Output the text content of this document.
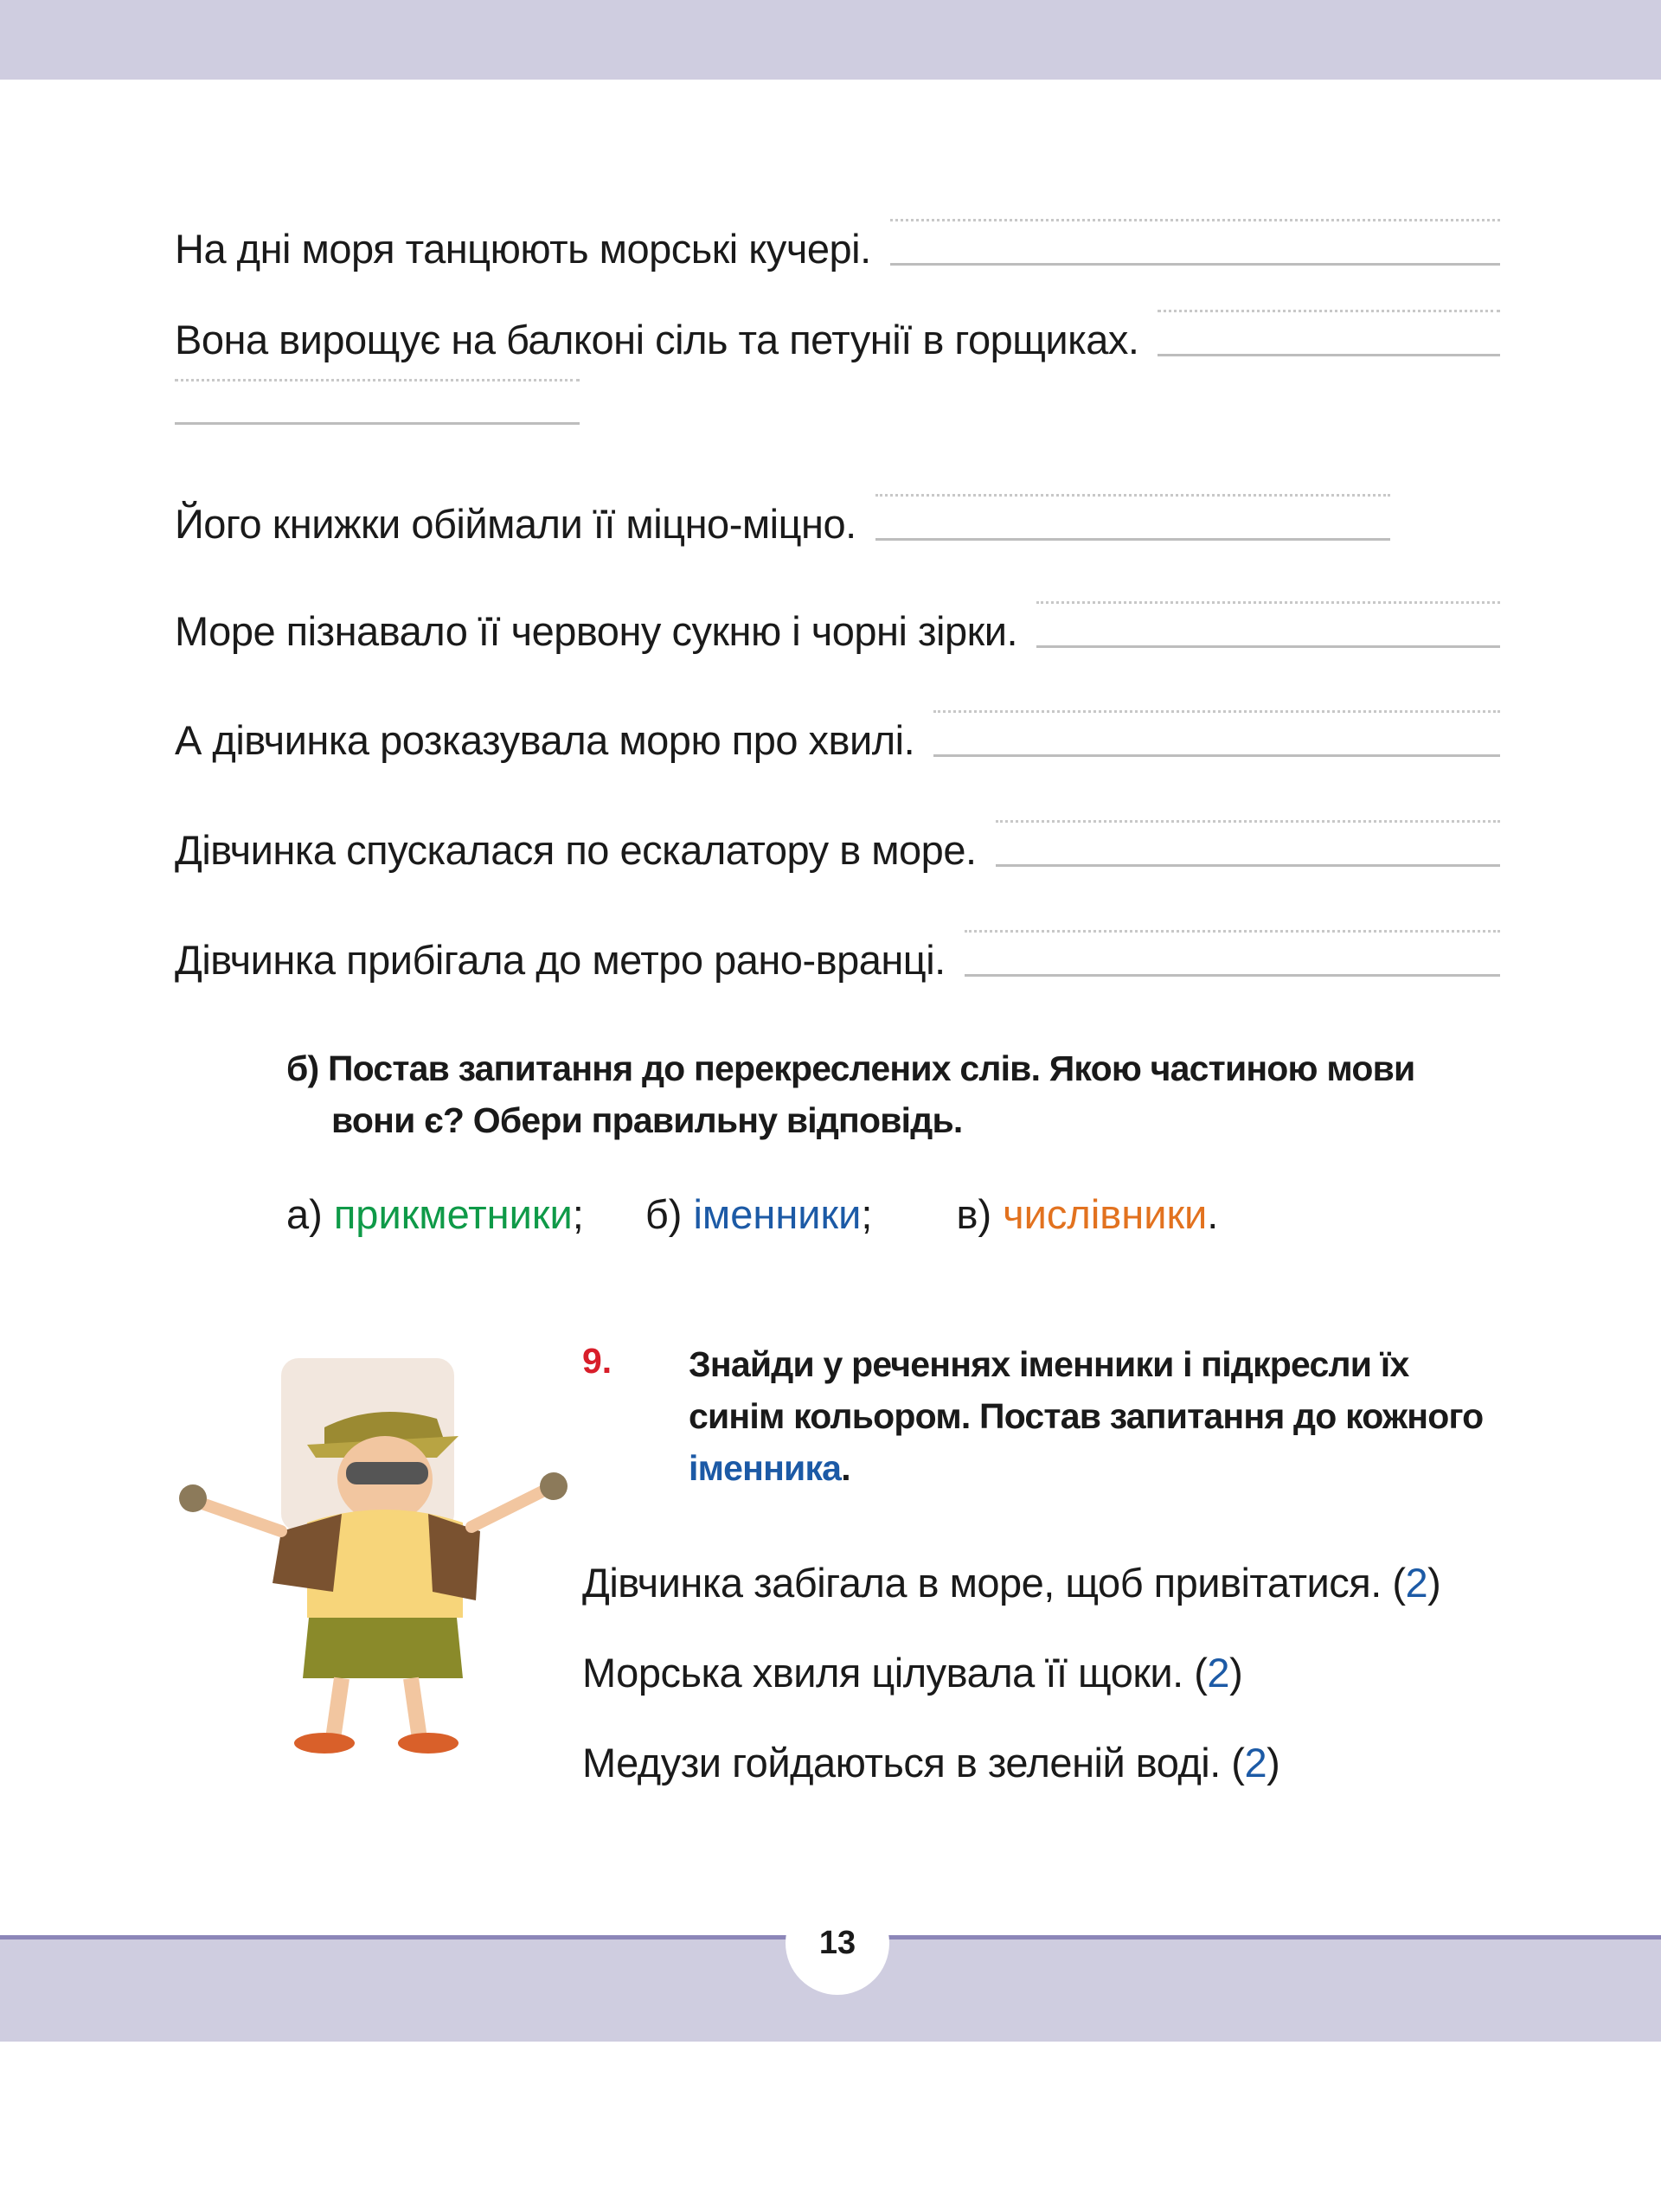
На дні моря танцюють морські кучері.
Вона вирощує на балконі сіль та петунії в горщиках.
Його книжки обіймали її міцно-міцно.
Море пізнавало її червону сукню і чорні зірки.
А дівчинка розказувала морю про хвилі.
Дівчинка спускалася по ескалатору в море.
Дівчинка прибігала до метро рано-вранці.
б) Постав запитання до перекреслених слів. Якою частиною мови
вони є? Обери правильну відповідь.
а) прикметники; б) іменники; в) числівники.
9. Знайди у реченнях іменники і підкресли їх синім кольором. Постав запитання до кожного іменника.
Дівчинка забігала в море, щоб привітатися. (2)
Морська хвиля цілувала її щоки. (2)
Медузи гойдаються в зеленій воді. (2)
13
